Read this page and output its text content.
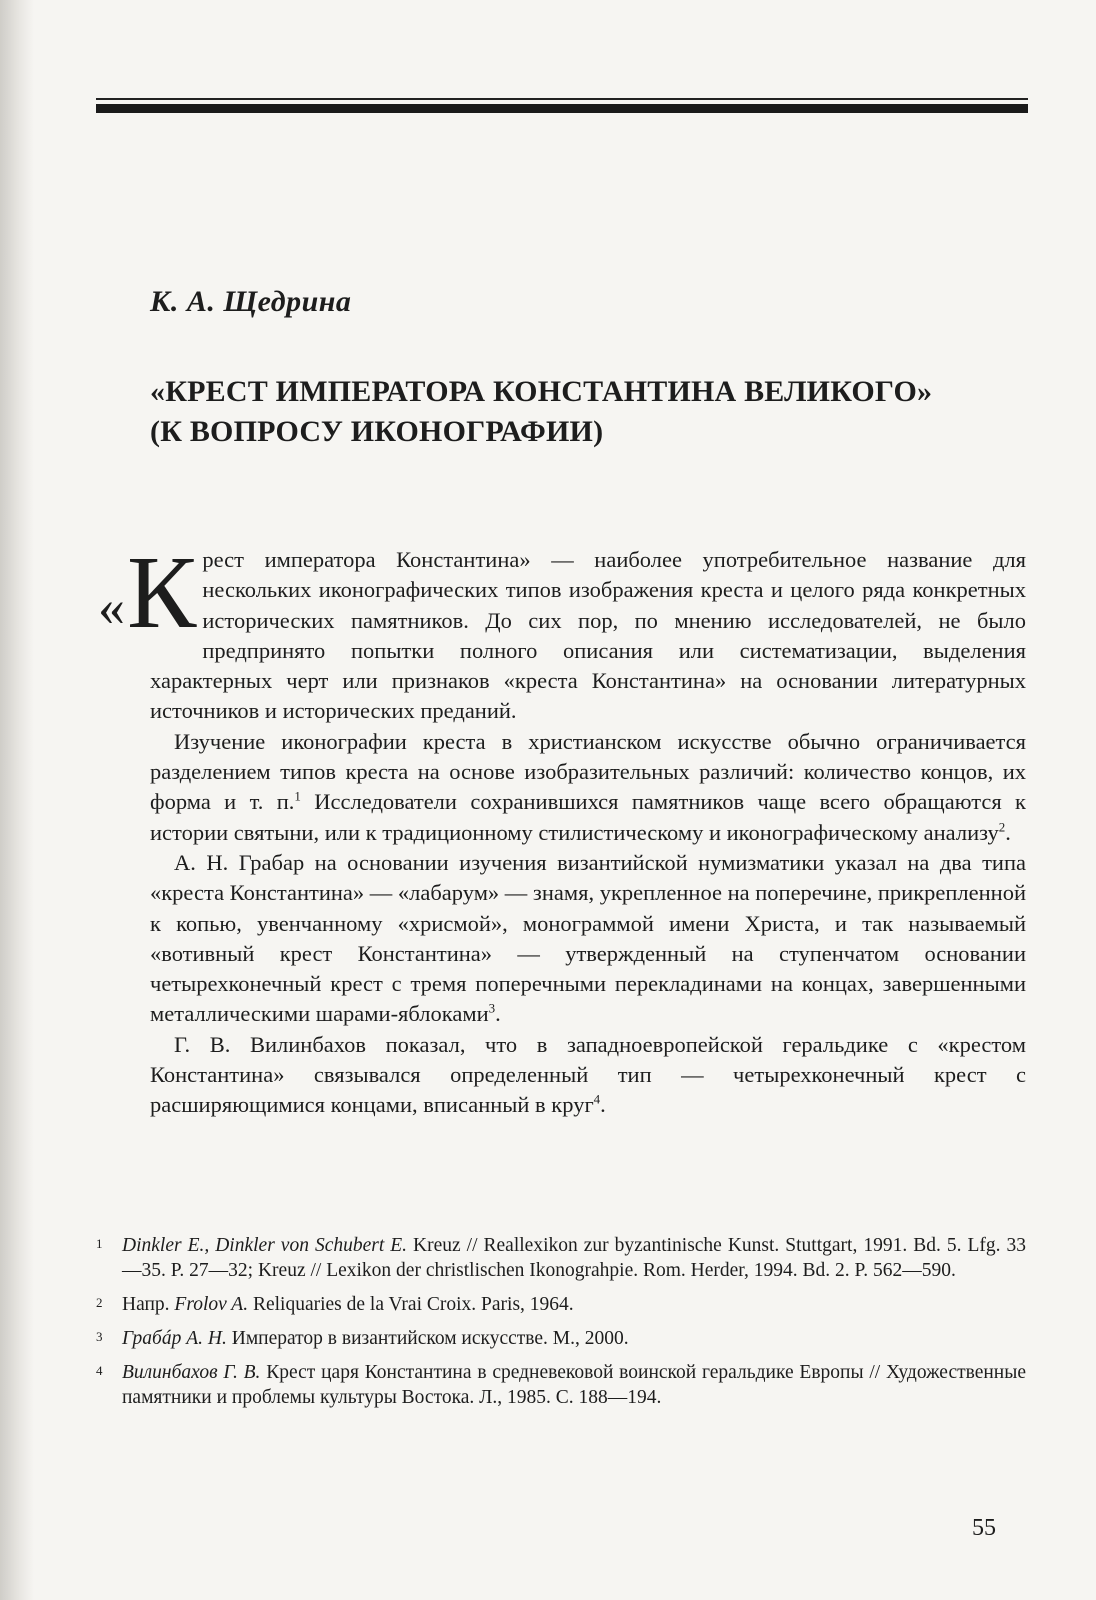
К. А. Щедрина
«КРЕСТ ИМПЕРАТОРА КОНСТАНТИНА ВЕЛИКОГО»
(К ВОПРОСУ ИКОНОГРАФИИ)

« К рест императора Константина» — наиболее употребительное название для нескольких иконографических типов изображения креста и целого ряда конкретных исторических памятников. До сих пор, по мнению исследователей, не было предпринято попытки полного описания или систематизации, выделения характерных черт или признаков «креста Константина» на основании литературных источников и исторических преданий.

Изучение иконографии креста в христианском искусстве обычно ограничивается разделением типов креста на основе изобразительных различий: количество концов, их форма и т. п.$^1$ Исследователи сохранившихся памятников чаще всего обращаются к истории святыни, или к традиционному стилистическому и иконографическому анализу$^2$.

А. Н. Грабар на основании изучения византийской нумизматики указал на два типа «креста Константина» — «лабарум» — знамя, укрепленное на поперечине, прикрепленной к копью, увенчанному «хрисмой», монограммой имени Христа, и так называемый «вотивный крест Константина» — утвержденный на ступенчатом основании четырехконечный крест с тремя поперечными перекладинами на концах, завершенными металлическими шарами-яблоками$^3$.

Г. В. Вилинбахов показал, что в западноевропейской геральдике с «крестом Константина» связывался определенный тип — четырехконечный крест с расширяющимися концами, вписанный в круг$^4$.

1 Dinkler E., Dinkler von Schubert E. Kreuz // Reallexikon zur byzantinische Kunst. Stuttgart, 1991. Bd. 5. Lfg. 33—35. P. 27—32; Kreuz // Lexikon der christlischen Ikonograhpie. Rom. Herder, 1994. Bd. 2. P. 562—590.
2 Напр. Frolov A. Reliquaries de la Vrai Croix. Paris, 1964.
3 Грабáр А. Н. Император в византийском искусстве. М., 2000.
4 Вилинбахов Г. В. Крест царя Константина в средневековой воинской геральдике Европы // Художественные памятники и проблемы культуры Востока. Л., 1985. С. 188—194.
55
